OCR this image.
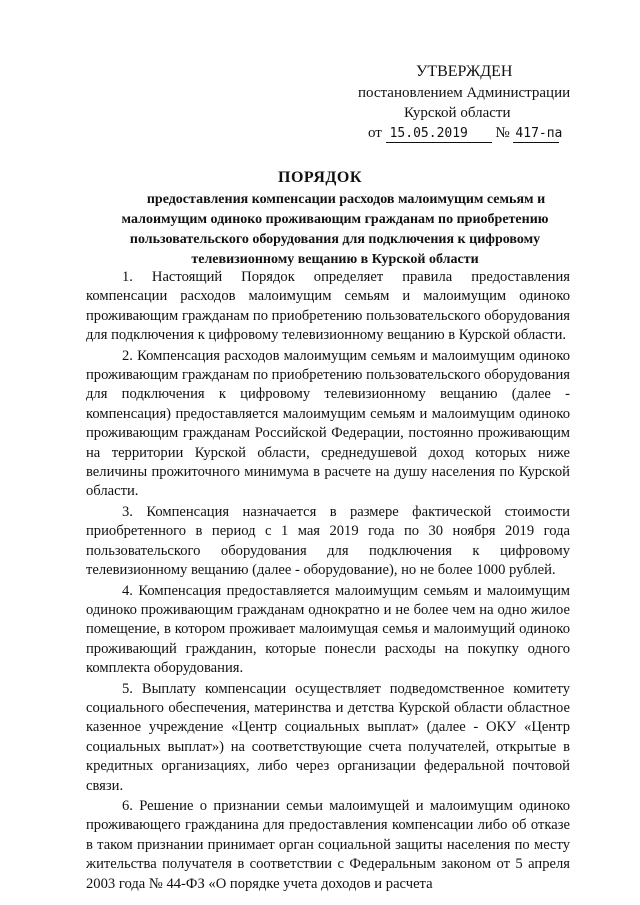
УТВЕРЖДЕН
постановлением Администрации
Курской области
от 15.05.2019 № 417-па
ПОРЯДОК
предоставления компенсации расходов малоимущим семьям и
малоимущим одиноко проживающим гражданам по приобретению
пользовательского оборудования для подключения к цифровому
телевизионному вещанию в Курской области

1. Настоящий Порядок определяет правила предоставления компенсации расходов малоимущим семьям и малоимущим одиноко проживающим гражданам по приобретению пользовательского оборудования для подключения к цифровому телевизионному вещанию в Курской области.

2. Компенсация расходов малоимущим семьям и малоимущим одиноко проживающим гражданам по приобретению пользовательского оборудования для подключения к цифровому телевизионному вещанию (далее - компенсация) предоставляется малоимущим семьям и малоимущим одиноко проживающим гражданам Российской Федерации, постоянно проживающим на территории Курской области, среднедушевой доход которых ниже величины прожиточного минимума в расчете на душу населения по Курской области.

3. Компенсация назначается в размере фактической стоимости приобретенного в период с 1 мая 2019 года по 30 ноября 2019 года пользовательского оборудования для подключения к цифровому телевизионному вещанию (далее - оборудование), но не более 1000 рублей.

4. Компенсация предоставляется малоимущим семьям и малоимущим одиноко проживающим гражданам однократно и не более чем на одно жилое помещение, в котором проживает малоимущая семья и малоимущий одиноко проживающий гражданин, которые понесли расходы на покупку одного комплекта оборудования.

5. Выплату компенсации осуществляет подведомственное комитету социального обеспечения, материнства и детства Курской области областное казенное учреждение «Центр социальных выплат» (далее - ОКУ «Центр социальных выплат») на соответствующие счета получателей, открытые в кредитных организациях, либо через организации федеральной почтовой связи.

6. Решение о признании семьи малоимущей и малоимущим одиноко проживающего гражданина для предоставления компенсации либо об отказе в таком признании принимает орган социальной защиты населения по месту жительства получателя в соответствии с Федеральным законом от 5 апреля 2003 года № 44-ФЗ «О порядке учета доходов и расчета
